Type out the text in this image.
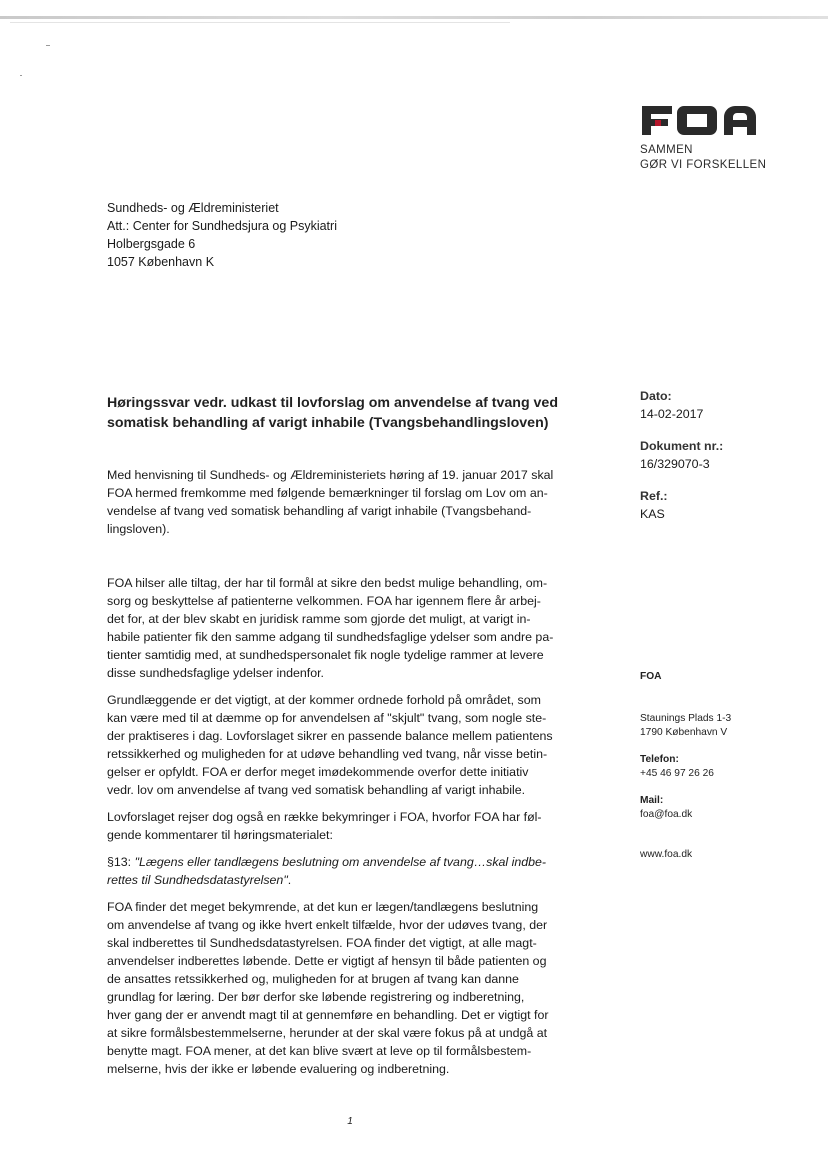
SAMMEN
GØR VI FORSKELLEN
Sundheds- og Ældreministeriet
Att.: Center for Sundhedsjura og Psykiatri
Holbergsgade 6
1057 København K
Høringssvar vedr. udkast til lovforslag om anvendelse af tvang ved
somatisk behandling af varigt inhabile (Tvangsbehandlingsloven)

Med henvisning til Sundheds- og Ældreministeriets høring af 19. januar 2017 skal
FOA hermed fremkomme med følgende bemærkninger til forslag om Lov om an-
vendelse af tvang ved somatisk behandling af varigt inhabile (Tvangsbehand-
lingsloven).

FOA hilser alle tiltag, der har til formål at sikre den bedst mulige behandling, om-
sorg og beskyttelse af patienterne velkommen. FOA har igennem flere år arbej-
det for, at der blev skabt en juridisk ramme som gjorde det muligt, at varigt in-
habile patienter fik den samme adgang til sundhedsfaglige ydelser som andre pa-
tienter samtidig med, at sundhedspersonalet fik nogle tydelige rammer at levere
disse sundhedsfaglige ydelser indenfor.

Grundlæggende er det vigtigt, at der kommer ordnede forhold på området, som
kan være med til at dæmme op for anvendelsen af "skjult" tvang, som nogle ste-
der praktiseres i dag. Lovforslaget sikrer en passende balance mellem patientens
retssikkerhed og muligheden for at udøve behandling ved tvang, når visse betin-
gelser er opfyldt. FOA er derfor meget imødekommende overfor dette initiativ
vedr. lov om anvendelse af tvang ved somatisk behandling af varigt inhabile.

Lovforslaget rejser dog også en række bekymringer i FOA, hvorfor FOA har føl-
gende kommentarer til høringsmaterialet:

§13: "Lægens eller tandlægens beslutning om anvendelse af tvang…skal indbe-
rettes til Sundhedsdatastyrelsen".

FOA finder det meget bekymrende, at det kun er lægen/tandlægens beslutning
om anvendelse af tvang og ikke hvert enkelt tilfælde, hvor der udøves tvang, der
skal indberettes til Sundhedsdatastyrelsen. FOA finder det vigtigt, at alle magt-
anvendelser indberettes løbende. Dette er vigtigt af hensyn til både patienten og
de ansattes retssikkerhed og, muligheden for at brugen af tvang kan danne
grundlag for læring. Der bør derfor ske løbende registrering og indberetning,
hver gang der er anvendt magt til at gennemføre en behandling. Det er vigtigt for
at sikre formålsbestemmelserne, herunder at der skal være fokus på at undgå at
benytte magt. FOA mener, at det kan blive svært at leve op til formålsbestem-
melserne, hvis der ikke er løbende evaluering og indberetning.

Dato:
14-02-2017
Dokument nr.:
16/329070-3
Ref.:
KAS
FOA
Staunings Plads 1-3
1790 København V
Telefon:
+45 46 97 26 26
Mail:
foa@foa.dk
www.foa.dk
1
